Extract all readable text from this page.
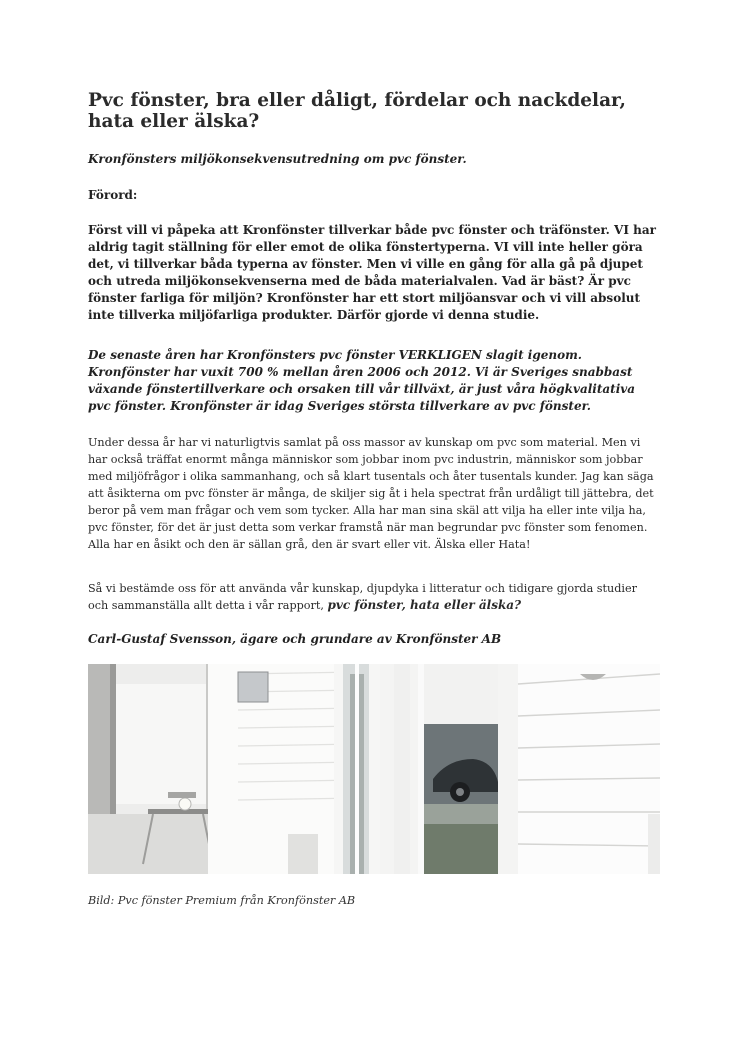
Pvc fönster, bra eller dåligt, fördelar och nackdelar, hata eller älska?

Kronfönsters miljökonsekvensutredning om pvc fönster.

Förord:

Först vill vi påpeka att Kronfönster tillverkar både pvc fönster och träfönster. VI har aldrig tagit ställning för eller emot de olika fönstertyperna. VI vill inte heller göra det, vi tillverkar båda typerna av fönster. Men vi ville en gång för alla gå på djupet och utreda miljökonsekvenserna med de båda materialvalen. Vad är bäst? Är pvc fönster farliga för miljön? Kronfönster har ett stort miljöansvar och vi vill absolut inte tillverka miljöfarliga produkter. Därför gjorde vi denna studie.

De senaste åren har Kronfönsters pvc fönster VERKLIGEN slagit igenom. Kronfönster har vuxit 700 % mellan åren 2006 och 2012. Vi är Sveriges snabbast växande fönstertillverkare och orsaken till vår tillväxt, är just våra högkvalitativa pvc fönster. Kronfönster är idag Sveriges största tillverkare av pvc fönster.

Under dessa år har vi naturligtvis samlat på oss massor av kunskap om pvc som material. Men vi har också träffat enormt många människor som jobbar inom pvc industrin, människor som jobbar med miljöfrågor i olika sammanhang, och så klart tusentals och åter tusentals kunder. Jag kan säga att åsikterna om pvc fönster är många, de skiljer sig åt i hela spectrat från urdåligt till jättebra, det beror på vem man frågar och vem som tycker. Alla har man sina skäl att vilja ha eller inte vilja ha, pvc fönster, för det är just detta som verkar framstå när man begrundar pvc fönster som fenomen. Alla har en åsikt och den är sällan grå, den är svart eller vit. Älska eller Hata!

Så vi bestämde oss för att använda vår kunskap, djupdyka i litteratur och tidigare gjorda studier och sammanställa allt detta i vår rapport, pvc fönster, hata eller älska?

Carl-Gustaf Svensson, ägare och grundare av Kronfönster AB

Bild: Pvc fönster Premium från Kronfönster AB
